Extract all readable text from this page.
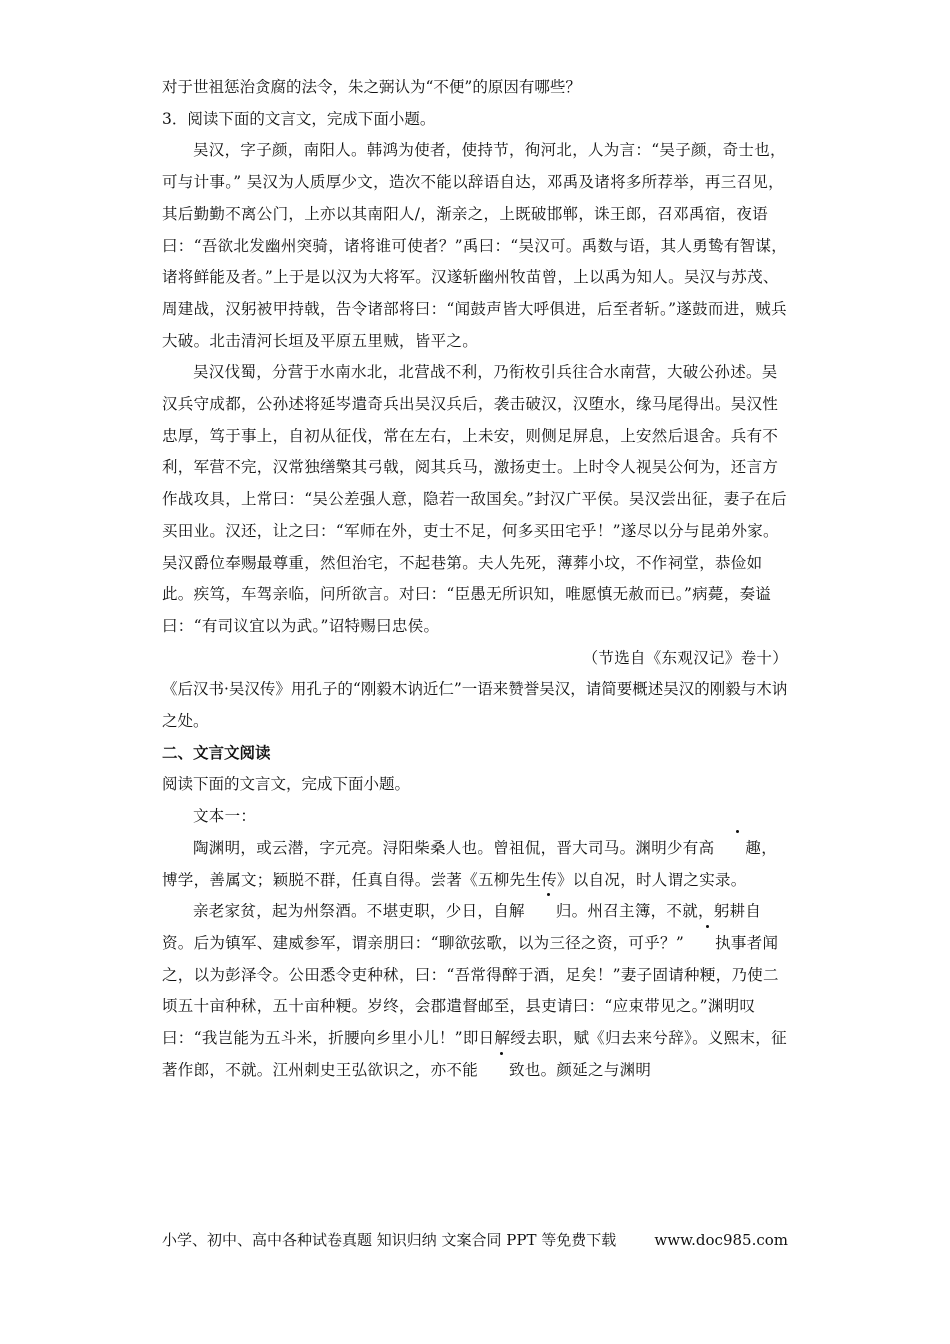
对于世祖惩治贪腐的法令，朱之弼认为“不便”的原因有哪些？

3．阅读下面的文言文，完成下面小题。

吴汉，字子颜，南阳人。韩鸿为使者，使持节，徇河北，人为言：“吴子颜，奇士也，可与计事。” 吴汉为人质厚少文，造次不能以辞语自达，邓禹及诸将多所荐举，再三召见，其后勤勤不离公门，上亦以其南阳人/，渐亲之，上既破邯郸，诛王郎，召邓禹宿，夜语曰：“吾欲北发幽州突骑，诸将谁可使者？”禹曰：“吴汉可。禹数与语，其人勇鸷有智谋，诸将鲜能及者。”上于是以汉为大将军。汉遂斩幽州牧苗曾，上以禹为知人。吴汉与苏茂、周建战，汉躬被甲持戟，告令诸部将曰：“闻鼓声皆大呼俱进，后至者斩。”遂鼓而进，贼兵大破。北击清河长垣及平原五里贼，皆平之。

吴汉伐蜀，分营于水南水北，北营战不利，乃衔枚引兵往合水南营，大破公孙述。吴汉兵守成都，公孙述将延岑遣奇兵出吴汉兵后，袭击破汉，汉堕水，缘马尾得出。吴汉性忠厚，笃于事上，自初从征伐，常在左右，上未安，则侧足屏息，上安然后退舍。兵有不利，军营不完，汉常独缮檠其弓戟，阅其兵马，激扬吏士。上时令人视吴公何为，还言方作战攻具，上常曰：“吴公差强人意，隐若一敌国矣。”封汉广平侯。吴汉尝出征，妻子在后买田业。汉还，让之曰：“军师在外，吏士不足，何多买田宅乎！”遂尽以分与昆弟外家。吴汉爵位奉赐最尊重，然但治宅，不起巷第。夫人先死，薄葬小坟，不作祠堂，恭俭如此。疾笃，车驾亲临，问所欲言。对曰：“臣愚无所识知，唯愿慎无赦而已。”病薨，奏谥曰：“有司议宜以为武。”诏特赐曰忠侯。

（节选自《东观汉记》卷十）

《后汉书·吴汉传》用孔子的“刚毅木讷近仁”一语来赞誉吴汉，请简要概述吴汉的刚毅与木讷之处。

二、文言文阅读

阅读下面的文言文，完成下面小题。

文本一：

陶渊明，或云潜，字元亮。浔阳柴桑人也。曾祖侃，晋大司马。渊明少有高 趣，博学，善属文；颖脱不群，任真自得。尝著《五柳先生传》以自况，时人谓之实录。

亲老家贫，起为州祭酒。不堪吏职，少日，自解 归。州召主簿，不就，躬耕自资。后为镇军、建威参军，谓亲朋曰：“聊欲弦歌，以为三径之资，可乎？” 执事者闻之，以为彭泽令。公田悉令吏种秫，曰：“吾常得醉于酒，足矣！”妻子固请种粳，乃使二顷五十亩种秫，五十亩种粳。岁终，会郡遣督邮至，县吏请曰：“应束带见之。”渊明叹曰：“我岂能为五斗米，折腰向乡里小儿！”即日解绶去职，赋《归去来兮辞》。义熙末，征著作郎，不就。江州刺史王弘欲识之，亦不能 致也。颜延之与渊明

小学、初中、高中各种试卷真题 知识归纳 文案合同 PPT 等免费下载	www.doc985.com
